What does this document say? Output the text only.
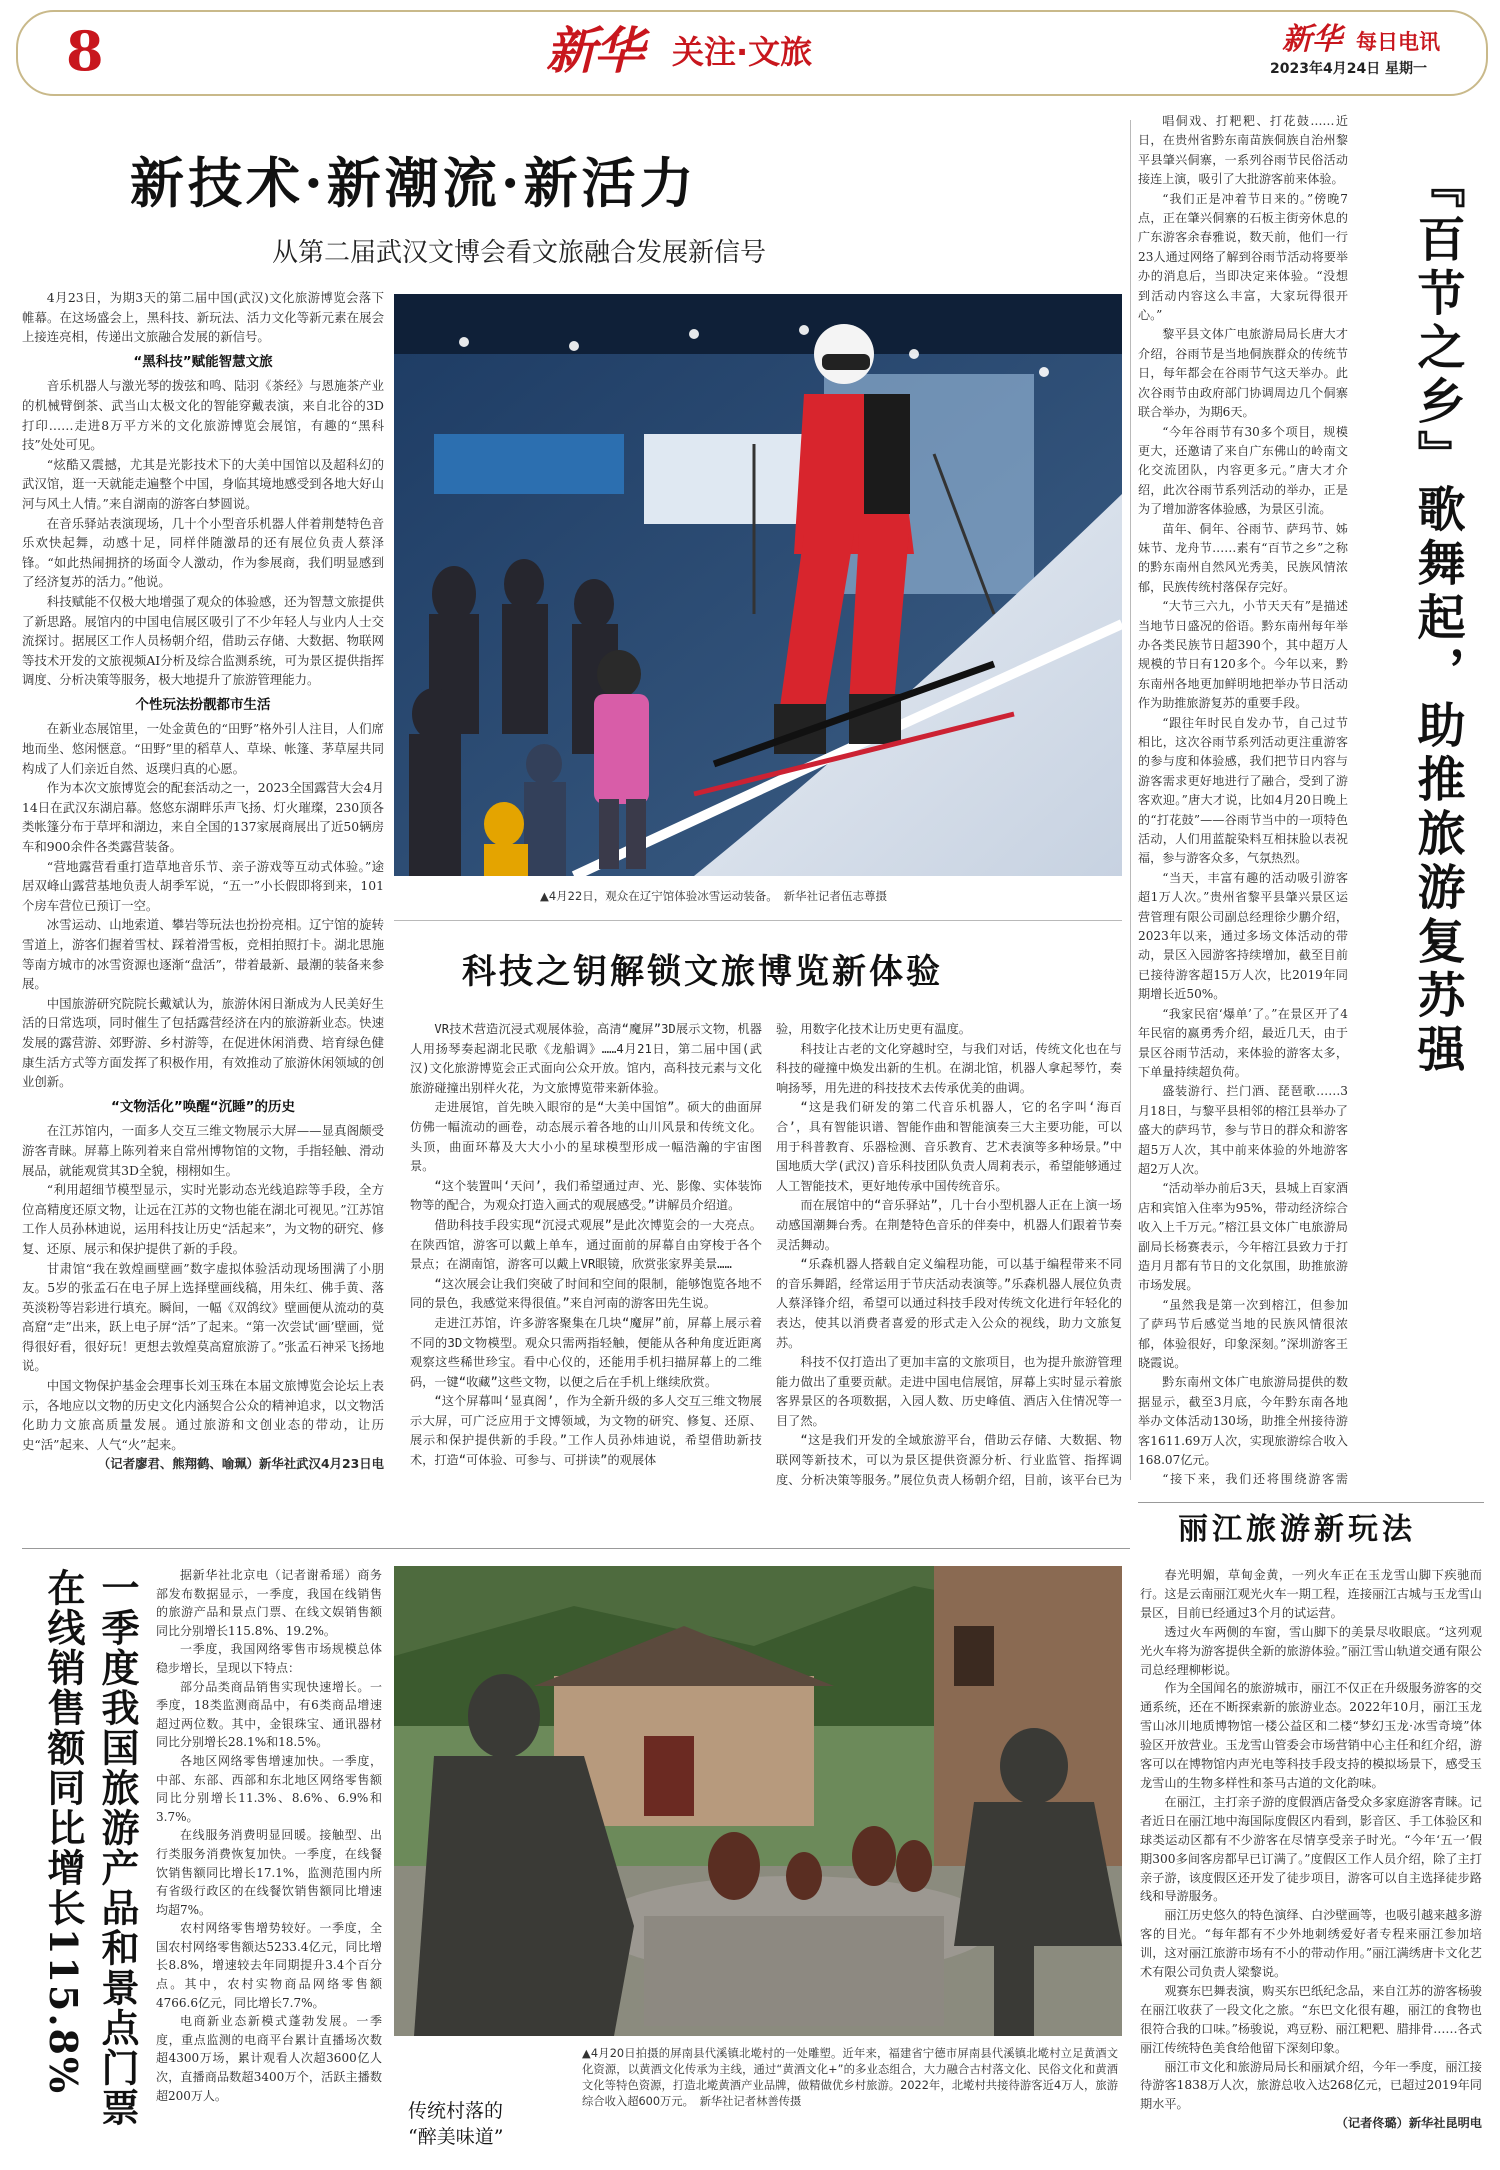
8	新华 关注·文旅	新华 每日电讯
2023年4月24日 星期一
新技术·新潮流·新活力
从第二届武汉文博会看文旅融合发展新信号

4月23日，为期3天的第二届中国(武汉)文化旅游博览会落下帷幕。在这场盛会上，黑科技、新玩法、活力文化等新元素在展会上接连亮相，传递出文旅融合发展的新信号。

“黑科技”赋能智慧文旅

音乐机器人与激光琴的拨弦和鸣、陆羽《茶经》与恩施茶产业的机械臂倒茶、武当山太极文化的智能穿戴表演，来自北谷的3D打印……走进8万平方米的文化旅游博览会展馆，有趣的“黑科技”处处可见。

“炫酷又震撼，尤其是光影技术下的大美中国馆以及超科幻的武汉馆，逛一天就能走遍整个中国，身临其境地感受到各地大好山河与风土人情。”来自湖南的游客白梦圆说。

在音乐驿站表演现场，几十个小型音乐机器人伴着荆楚特色音乐欢快起舞，动感十足，同样伴随激昂的还有展位负责人蔡泽锋。“如此热闹拥挤的场面令人激动，作为参展商，我们明显感到了经济复苏的活力。”他说。

科技赋能不仅极大地增强了观众的体验感，还为智慧文旅提供了新思路。展馆内的中国电信展区吸引了不少年轻人与业内人士交流探讨。据展区工作人员杨朝介绍，借助云存储、大数据、物联网等技术开发的文旅视频AI分析及综合监测系统，可为景区提供指挥调度、分析决策等服务，极大地提升了旅游管理能力。

个性玩法扮靓都市生活

在新业态展馆里，一处金黄色的“田野”格外引人注目，人们席地而坐、悠闲惬意。“田野”里的稻草人、草垛、帐篷、茅草屋共同构成了人们亲近自然、返璞归真的心愿。

作为本次文旅博览会的配套活动之一，2023全国露营大会4月14日在武汉东湖启幕。悠悠东湖畔乐声飞扬、灯火璀璨，230顶各类帐篷分布于草坪和湖边，来自全国的137家展商展出了近50辆房车和900余件各类露营装备。

“营地露营看重打造草地音乐节、亲子游戏等互动式体验。”途居双峰山露营基地负责人胡季军说，“五一”小长假即将到来，101个房车营位已预订一空。

冰雪运动、山地索道、攀岩等玩法也扮扮亮相。辽宁馆的旋转雪道上，游客们握着雪杖、踩着滑雪板，竞相拍照打卡。湖北思施等南方城市的冰雪资源也逐渐“盘活”，带着最新、最潮的装备来参展。

中国旅游研究院院长戴斌认为，旅游休闲日渐成为人民美好生活的日常选项，同时催生了包括露营经济在内的旅游新业态。快速发展的露营游、郊野游、乡村游等，在促进休闲消费、培育绿色健康生活方式等方面发挥了积极作用，有效推动了旅游休闲领域的创业创新。

“文物活化”唤醒“沉睡”的历史

在江苏馆内，一面多人交互三维文物展示大屏——显真阁颇受游客青睐。屏幕上陈列着来自常州博物馆的文物，手指轻触、滑动展品，就能观赏其3D全貌，栩栩如生。

“利用超细节模型显示，实时光影动态光线追踪等手段，全方位高精度还原文物，让远在江苏的文物也能在湖北可视见。”江苏馆工作人员孙林迪说，运用科技让历史“活起来”，为文物的研究、修复、还原、展示和保护提供了新的手段。

甘肃馆“我在敦煌画壁画”数字虚拟体验活动现场围满了小朋友。5岁的张孟石在电子屏上选择壁画线稿，用朱红、佛手黄、落英淡粉等岩彩进行填充。瞬间，一幅《双鸽纹》壁画便从流动的莫高窟“走”出来，跃上电子屏“活”了起来。“第一次尝试‘画’壁画，觉得很好看，很好玩！更想去敦煌莫高窟旅游了。”张孟石神采飞扬地说。

中国文物保护基金会理事长刘玉珠在本届文旅博览会论坛上表示，各地应以文物的历史文化内涵契合公众的精神追求，以文物活化助力文旅高质量发展。通过旅游和文创业态的带动，让历史“活”起来、人气“火”起来。

（记者廖君、熊翔鹤、喻珮）新华社武汉4月23日电

▲4月22日，观众在辽宁馆体验冰雪运动装备。　新华社记者伍志尊摄
科技之钥解锁文旅博览新体验

VR技术营造沉浸式观展体验，高清“魔屏”3D展示文物，机器人用扬琴奏起湖北民歌《龙船调》……4月21日，第二届中国(武汉)文化旅游博览会正式面向公众开放。馆内，高科技元素与文化旅游碰撞出别样火花，为文旅博览带来新体验。

走进展馆，首先映入眼帘的是“大美中国馆”。硕大的曲面屏仿佛一幅流动的画卷，动态展示着各地的山川风景和传统文化。头顶，曲面环幕及大大小小的星球模型形成一幅浩瀚的宇宙图景。

“这个装置叫‘天问’，我们希望通过声、光、影像、实体装饰物等的配合，为观众打造入画式的观展感受。”讲解员介绍道。

借助科技手段实现“沉浸式观展”是此次博览会的一大亮点。在陕西馆，游客可以戴上单车，通过面前的屏幕自由穿梭于各个景点；在湖南馆，游客可以戴上VR眼镜，欣赏张家界美景……

“这次展会让我们突破了时间和空间的限制，能够饱览各地不同的景色，我感觉来得很值。”来自河南的游客田先生说。

走进江苏馆，许多游客聚集在几块“魔屏”前，屏幕上展示着不同的3D文物模型。观众只需两指轻触，便能从各种角度近距离观察这些稀世珍宝。看中心仪的，还能用手机扫描屏幕上的二维码，一键“收藏”这些文物，以便之后在手机上继续欣赏。

“这个屏幕叫‘显真阁’，作为全新升级的多人交互三维文物展示大屏，可广泛应用于文博领域，为文物的研究、修复、还原、展示和保护提供新的手段。”工作人员孙炜迪说，希望借助新技术，打造“可体验、可参与、可拼读”的观展体

验，用数字化技术让历史更有温度。

科技让古老的文化穿越时空，与我们对话，传统文化也在与科技的碰撞中焕发出新的生机。在湖北馆，机器人拿起琴竹，奏响扬琴，用先进的科技技术去传承优美的曲调。

“这是我们研发的第二代音乐机器人，它的名字叫‘海百合’，具有智能识谱、智能作曲和智能演奏三大主要功能，可以用于科普教育、乐器检测、音乐教育、艺术表演等多种场景。”中国地质大学(武汉)音乐科技团队负责人周莉表示，希望能够通过人工智能技术，更好地传承中国传统音乐。

而在展馆中的“音乐驿站”，几十台小型机器人正在上演一场动感国潮舞台秀。在荆楚特色音乐的伴奏中，机器人们跟着节奏灵活舞动。

“乐森机器人搭载自定义编程功能，可以基于编程带来不同的音乐舞蹈，经常运用于节庆活动表演等。”乐森机器人展位负责人蔡泽锋介绍，希望可以通过科技手段对传统文化进行年轻化的表达，使其以消费者喜爱的形式走入公众的视线，助力文旅复苏。

科技不仅打造出了更加丰富的文旅项目，也为提升旅游管理能力做出了重要贡献。走进中国电信展馆，屏幕上实时显示着旅客界景区的各项数据，入园人数、历史峰值、酒店入住情况等一目了然。

“这是我们开发的全域旅游平台，借助云存储、大数据、物联网等新技术，可以为景区提供资源分析、行业监管、指挥调度、分析决策等服务。”展位负责人杨朝介绍，目前，该平台已为

唱侗戏、打粑粑、打花鼓……近日，在贵州省黔东南苗族侗族自治州黎平县肇兴侗寨，一系列谷雨节民俗活动接连上演，吸引了大批游客前来体验。

“我们正是冲着节日来的。”傍晚7点，正在肇兴侗寨的石板主街旁休息的广东游客余春雅说，数天前，他们一行23人通过网络了解到谷雨节活动将要举办的消息后，当即决定来体验。“没想到活动内容这么丰富，大家玩得很开心。”

黎平县文体广电旅游局局长唐大才介绍，谷雨节是当地侗族群众的传统节日，每年都会在谷雨节气这天举办。此次谷雨节由政府部门协调周边几个侗寨联合举办，为期6天。

“今年谷雨节有30多个项目，规模更大，还邀请了来自广东佛山的岭南文化交流团队，内容更多元。”唐大才介绍，此次谷雨节系列活动的举办，正是为了增加游客体验感，为景区引流。

苗年、侗年、谷雨节、萨玛节、姊妹节、龙舟节……素有“百节之乡”之称的黔东南州自然风光秀美，民族风情浓郁，民族传统村落保存完好。

“大节三六九，小节天天有”是描述当地节日盛况的俗语。黔东南州每年举办各类民族节日超390个，其中超万人规模的节日有120多个。今年以来，黔东南州各地更加鲜明地把举办节日活动作为助推旅游复苏的重要手段。

“跟往年时民自发办节，自己过节相比，这次谷雨节系列活动更注重游客的参与度和体验感，我们把节日内容与游客需求更好地进行了融合，受到了游客欢迎。”唐大才说，比如4月20日晚上的“打花鼓”——谷雨节当中的一项特色活动，人们用蓝靛染料互相抹脸以表祝福，参与游客众多，气氛热烈。

“当天，丰富有趣的活动吸引游客超1万人次。”贵州省黎平县肇兴景区运营管理有限公司副总经理徐少鹏介绍，2023年以来，通过多场文体活动的带动，景区入园游客持续增加，截至目前已接待游客超15万人次，比2019年同期增长近50%。

“我家民宿‘爆单’了。”在景区开了4年民宿的嬴勇秀介绍，最近几天，由于景区谷雨节活动，来体验的游客太多，下单量持续超负荷。

盛装游行、拦门酒、琵琶歌……3月18日，与黎平县相邻的榕江县举办了盛大的萨玛节，参与节日的群众和游客超5万人次，其中前来体验的外地游客超2万人次。

“活动举办前后3天，县城上百家酒店和宾馆入住率为95%，带动经济综合收入上千万元。”榕江县文体广电旅游局副局长杨赛表示，今年榕江县致力于打造月月都有节日的文化氛围，助推旅游市场发展。

“虽然我是第一次到榕江，但参加了萨玛节后感觉当地的民族风情很浓郁，体验很好，印象深刻。”深圳游客王晓霞说。

黔东南州文体广电旅游局提供的数据显示，截至3月底，今年黔东南各地举办文体活动130场，助推全州接待游客1611.69万人次，实现旅游综合收入168.07亿元。

“接下来，我们还将围绕游客需

『百节之乡』歌舞起，助推旅游复苏强
一季度我国旅游产品和景点门票在线销售额同比增长115.8%	据新华社北京电（记者谢希瑶）商务部发布数据显示，一季度，我国在线销售的旅游产品和景点门票、在线文娱销售额同比分别增长115.8%、19.2%。

一季度，我国网络零售市场规模总体稳步增长，呈现以下特点：

部分品类商品销售实现快速增长。一季度，18类监测商品中，有6类商品增速超过两位数。其中，金银珠宝、通讯器材同比分别增长28.1%和18.5%。

各地区网络零售增速加快。一季度，中部、东部、西部和东北地区网络零售额同比分别增长11.3%、8.6%、6.9%和3.7%。

在线服务消费明显回暖。接触型、出行类服务消费恢复加快。一季度，在线餐饮销售额同比增长17.1%，监测范围内所有省级行政区的在线餐饮销售额同比增速均超7%。

农村网络零售增势较好。一季度，全国农村网络零售额达5233.4亿元，同比增长8.8%，增速较去年同期提升3.4个百分点。其中，农村实物商品网络零售额4766.6亿元，同比增长7.7%。

电商新业态新模式蓬勃发展。一季度，重点监测的电商平台累计直播场次数超4300万场，累计观看人次超3600亿人次，直播商品数超3400万个，活跃主播数超200万人。

传统村落的
“醉美味道”
▲4月20日拍摄的屏南县代溪镇北墘村的一处雕塑。近年来，福建省宁德市屏南县代溪镇北墘村立足黄酒文化资源，以黄酒文化传承为主线，通过“黄酒文化+”的多业态组合，大力融合古村落文化、民俗文化和黄酒文化等特色资源，打造北墘黄酒产业品牌，做精做优乡村旅游。2022年，北墘村共接待游客近4万人，旅游综合收入超600万元。　新华社记者林善传摄
丽江旅游新玩法

春光明媚，草甸金黄，一列火车正在玉龙雪山脚下疾驰而行。这是云南丽江观光火车一期工程，连接丽江古城与玉龙雪山景区，目前已经通过3个月的试运营。

透过火车两侧的车窗，雪山脚下的美景尽收眼底。“这列观光火车将为游客提供全新的旅游体验。”丽江雪山轨道交通有限公司总经理柳彬说。

作为全国闻名的旅游城市，丽江不仅正在升级服务游客的交通系统，还在不断探索新的旅游业态。2022年10月，丽江玉龙雪山冰川地质博物馆一楼公益区和二楼“梦幻玉龙·冰雪奇境”体验区开放营业。玉龙雪山管委会市场营销中心主任和红介绍，游客可以在博物馆内声光电等科技手段支持的模拟场景下，感受玉龙雪山的生物多样性和茶马古道的文化韵味。

在丽江，主打亲子游的度假酒店备受众多家庭游客青睐。记者近日在丽江地中海国际度假区内看到，影音区、手工体验区和球类运动区都有不少游客在尽情享受亲子时光。“今年‘五一’假期300多间客房都早已订满了。”度假区工作人员介绍，除了主打亲子游，该度假区还开发了徒步项目，游客可以自主选择徒步路线和导游服务。

丽江历史悠久的特色演绎、白沙壁画等，也吸引越来越多游客的目光。“每年都有不少外地刺绣爱好者专程来丽江参加培训，这对丽江旅游市场有不小的带动作用。”丽江满绣唐卡文化艺术有限公司负责人梁黎说。

观赛东巴舞表演，购买东巴纸纪念品，来自江苏的游客杨骏在丽江收获了一段文化之旅。“东巴文化很有趣，丽江的食物也很符合我的口味。”杨骏说，鸡豆粉、丽江粑粑、腊排骨……各式丽江传统特色美食给他留下深刻印象。

丽江市文化和旅游局局长和丽斌介绍，今年一季度，丽江接待游客1838万人次，旅游总收入达268亿元，已超过2019年同期水平。

（记者佟璐）新华社昆明电
